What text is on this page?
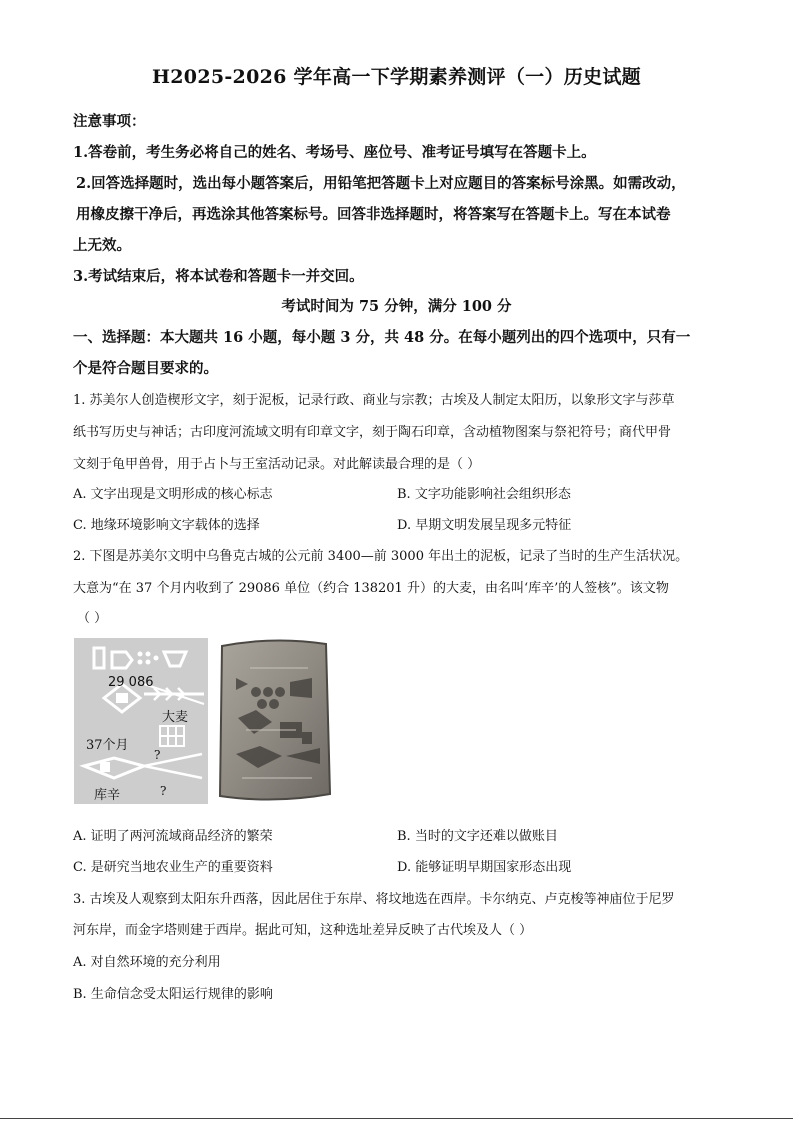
H2025-2026 学年高一下学期素养测评（一）历史试题
注意事项：
1.答卷前，考生务必将自己的姓名、考场号、座位号、准考证号填写在答题卡上。
2.回答选择题时，选出每小题答案后，用铅笔把答题卡上对应题目的答案标号涂黑。如需改动，
用橡皮擦干净后，再选涂其他答案标号。回答非选择题时，将答案写在答题卡上。写在本试卷
上无效。
3.考试结束后，将本试卷和答题卡一并交回。
考试时间为 75 分钟，满分 100 分
一、选择题：本大题共 16 小题，每小题 3 分，共 48 分。在每小题列出的四个选项中，只有一
个是符合题目要求的。
1. 苏美尔人创造楔形文字，刻于泥板，记录行政、商业与宗教；古埃及人制定太阳历，以象形文字与莎草
纸书写历史与神话；古印度河流域文明有印章文字，刻于陶石印章，含动植物图案与祭祀符号；商代甲骨
文刻于龟甲兽骨，用于占卜与王室活动记录。对此解读最合理的是（ ）
A. 文字出现是文明形成的核心标志	B. 文字功能影响社会组织形态
C. 地缘环境影响文字载体的选择	D. 早期文明发展呈现多元特征
2. 下图是苏美尔文明中乌鲁克古城的公元前 3400—前 3000 年出土的泥板，记录了当时的生产生活状况。
大意为“在 37 个月内收到了 29086 单位（约合 138201 升）的大麦，由名叫‘库辛’的人签核”。该文物
（ ）
29 086
大麦
37个月
?
库辛	?
A. 证明了两河流域商品经济的繁荣	B. 当时的文字还难以做账目
C. 是研究当地农业生产的重要资料	D. 能够证明早期国家形态出现
3. 古埃及人观察到太阳东升西落，因此居住于东岸、将坟地选在西岸。卡尔纳克、卢克梭等神庙位于尼罗
河东岸，而金字塔则建于西岸。据此可知，这种选址差异反映了古代埃及人（ ）
A. 对自然环境的充分利用
B. 生命信念受太阳运行规律的影响
